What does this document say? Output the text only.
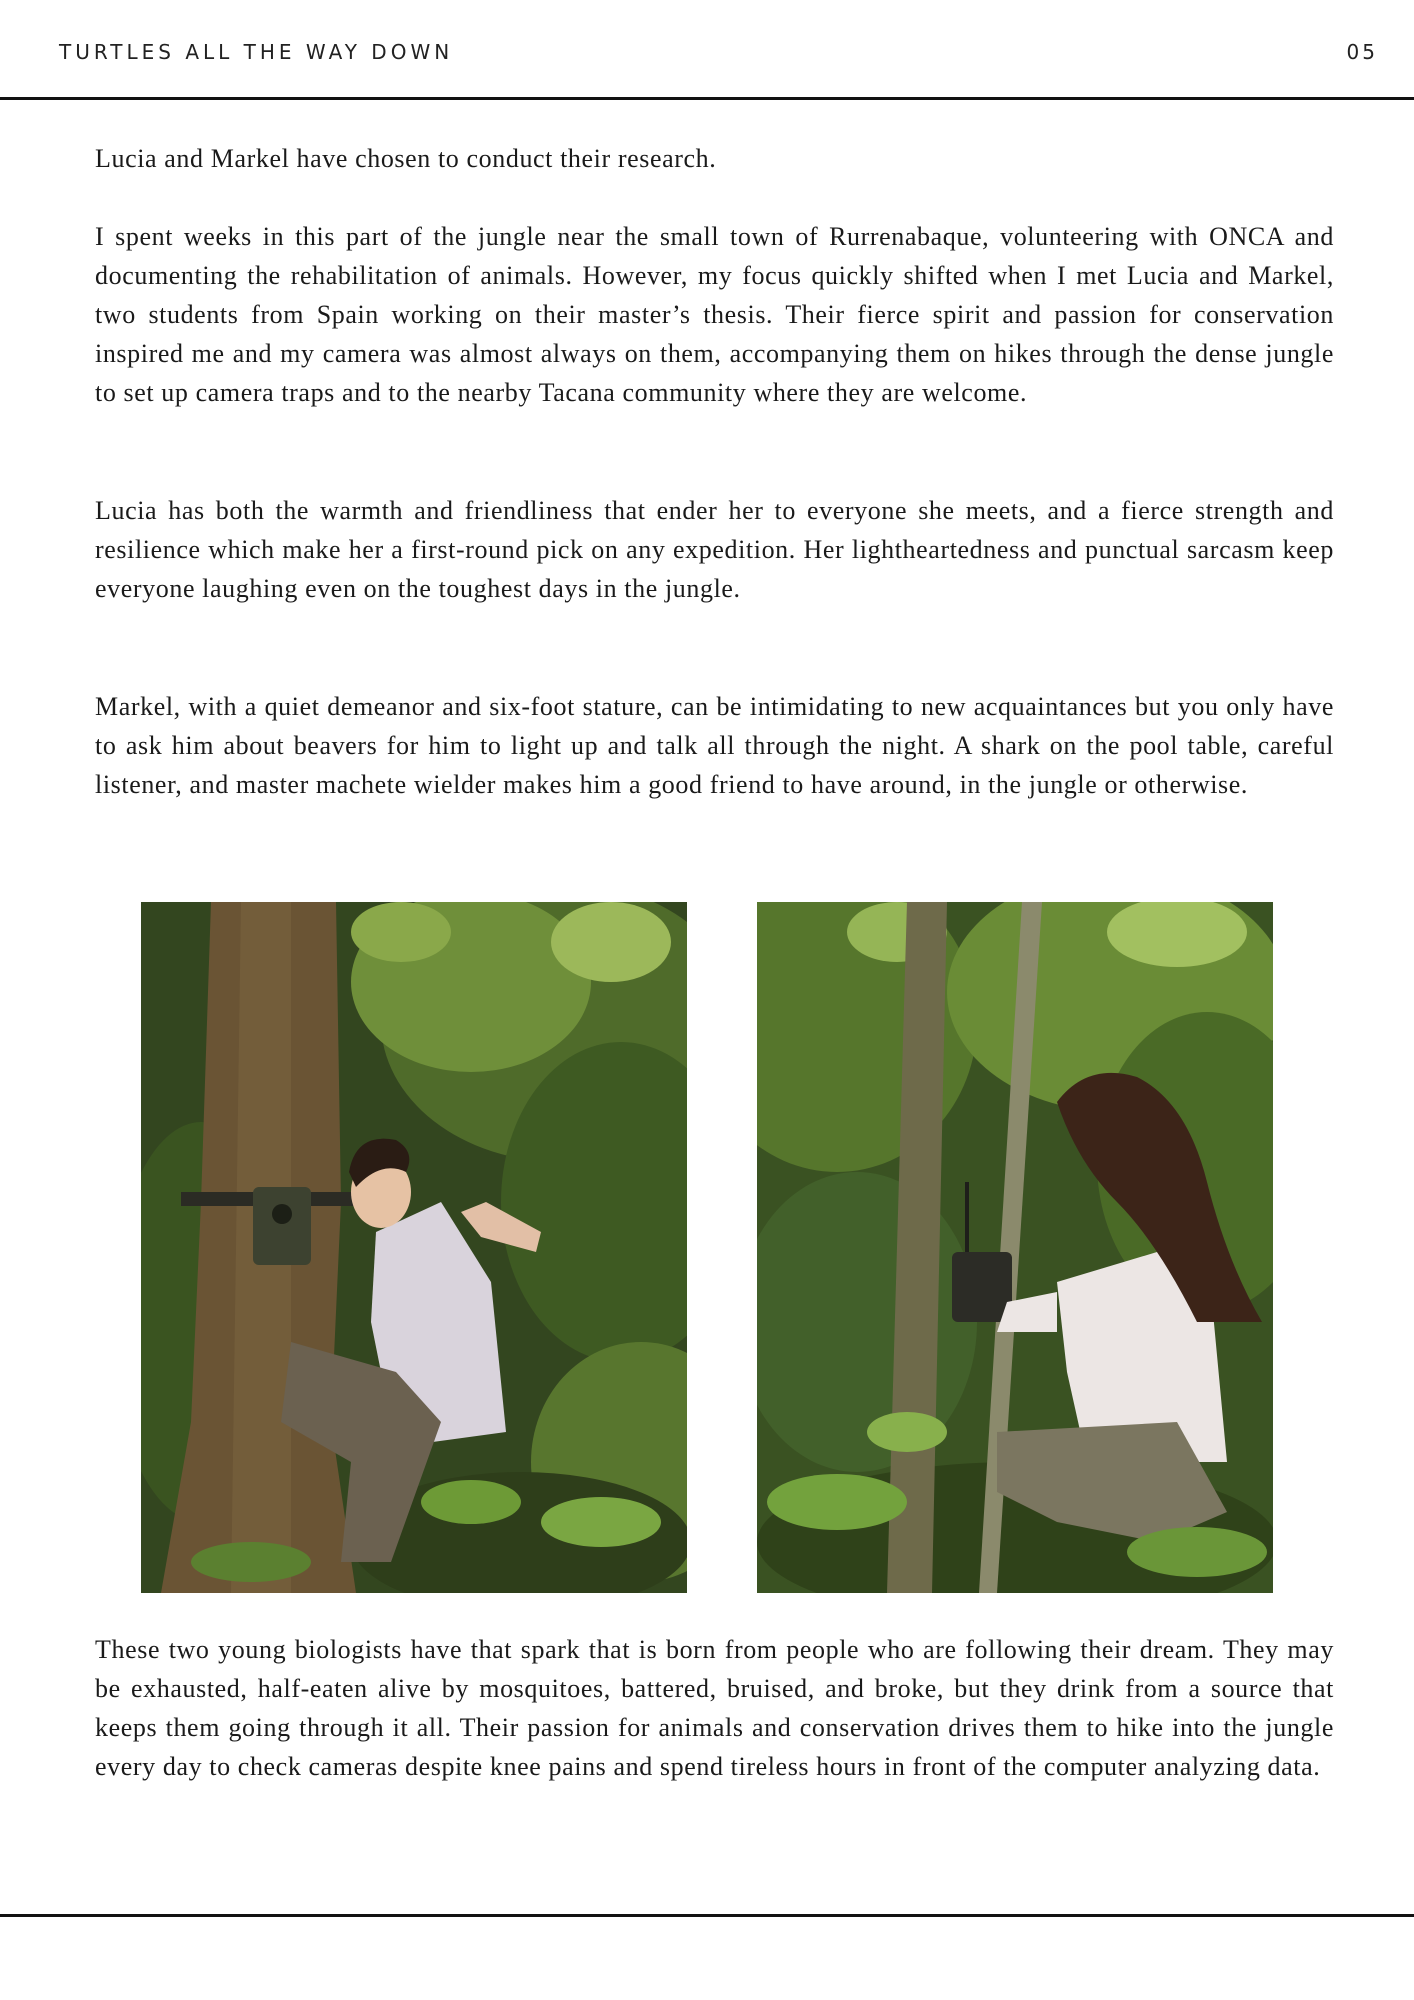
TURTLES ALL THE WAY DOWN	05

Lucia and Markel have chosen to conduct their research.

I spent weeks in this part of the jungle near the small town of Rurrenabaque, volunteering with ONCA and documenting the rehabilitation of animals. However, my focus quickly shifted when I met Lucia and Markel, two students from Spain working on their master’s thesis. Their fierce spirit and passion for conservation inspired me and my camera was almost always on them, accompanying them on hikes through the dense jungle to set up camera traps and to the nearby Tacana community where they are welcome.

Lucia has both the warmth and friendliness that ender her to everyone she meets, and a fierce strength and resilience which make her a first-round pick on any expedition. Her lightheartedness and punctual sarcasm keep everyone laughing even on the toughest days in the jungle.

Markel, with a quiet demeanor and six-foot stature, can be intimidating to new acquaintances but you only have to ask him about beavers for him to light up and talk all through the night. A shark on the pool table, careful listener, and master machete wielder makes him a good friend to have around, in the jungle or otherwise.

These two young biologists have that spark that is born from people who are following their dream. They may be exhausted, half-eaten alive by mosquitoes, battered, bruised, and broke, but they drink from a source that keeps them going through it all. Their passion for animals and conservation drives them to hike into the jungle every day to check cameras despite knee pains and spend tireless hours in front of the computer analyzing data.
